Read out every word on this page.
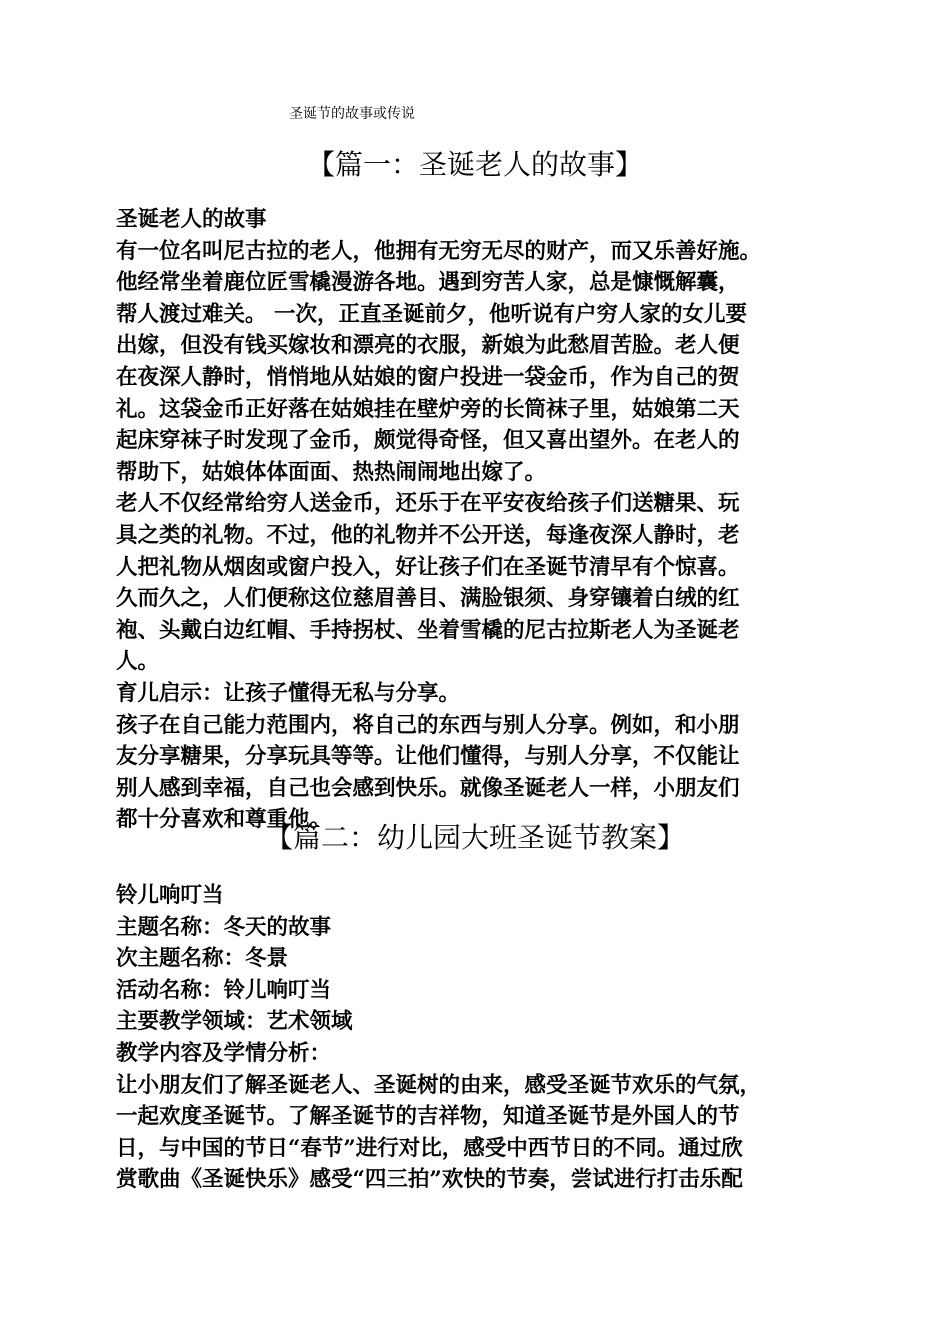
圣诞节的故事或传说
【篇一：圣诞老人的故事】
圣诞老人的故事
有一位名叫尼古拉的老人，他拥有无穷无尽的财产，而又乐善好施。
他经常坐着鹿位匠雪橇漫游各地。遇到穷苦人家，总是慷慨解囊，
帮人渡过难关。 一次，正直圣诞前夕，他听说有户穷人家的女儿要
出嫁，但没有钱买嫁妆和漂亮的衣服，新娘为此愁眉苦脸。老人便
在夜深人静时，悄悄地从姑娘的窗户投进一袋金币，作为自己的贺
礼。这袋金币正好落在姑娘挂在壁炉旁的长筒袜子里，姑娘第二天
起床穿袜子时发现了金币，颇觉得奇怪，但又喜出望外。在老人的
帮助下，姑娘体体面面、热热闹闹地出嫁了。
老人不仅经常给穷人送金币，还乐于在平安夜给孩子们送糖果、玩
具之类的礼物。不过，他的礼物并不公开送，每逢夜深人静时，老
人把礼物从烟囱或窗户投入，好让孩子们在圣诞节清早有个惊喜。
久而久之，人们便称这位慈眉善目、满脸银须、身穿镶着白绒的红
袍、头戴白边红帽、手持拐杖、坐着雪橇的尼古拉斯老人为圣诞老
人。
育儿启示：让孩子懂得无私与分享。
孩子在自己能力范围内，将自己的东西与别人分享。例如，和小朋
友分享糖果，分享玩具等等。让他们懂得，与别人分享，不仅能让
别人感到幸福，自己也会感到快乐。就像圣诞老人一样，小朋友们
都十分喜欢和尊重他。
【篇二：幼儿园大班圣诞节教案】
铃儿响叮当
主题名称：冬天的故事
次主题名称：冬景
活动名称：铃儿响叮当
主要教学领域：艺术领域
教学内容及学情分析：
让小朋友们了解圣诞老人、圣诞树的由来，感受圣诞节欢乐的气氛，
一起欢度圣诞节。了解圣诞节的吉祥物，知道圣诞节是外国人的节
日，与中国的节日“春节”进行对比，感受中西节日的不同。通过欣
赏歌曲《圣诞快乐》感受“四三拍”欢快的节奏，尝试进行打击乐配
